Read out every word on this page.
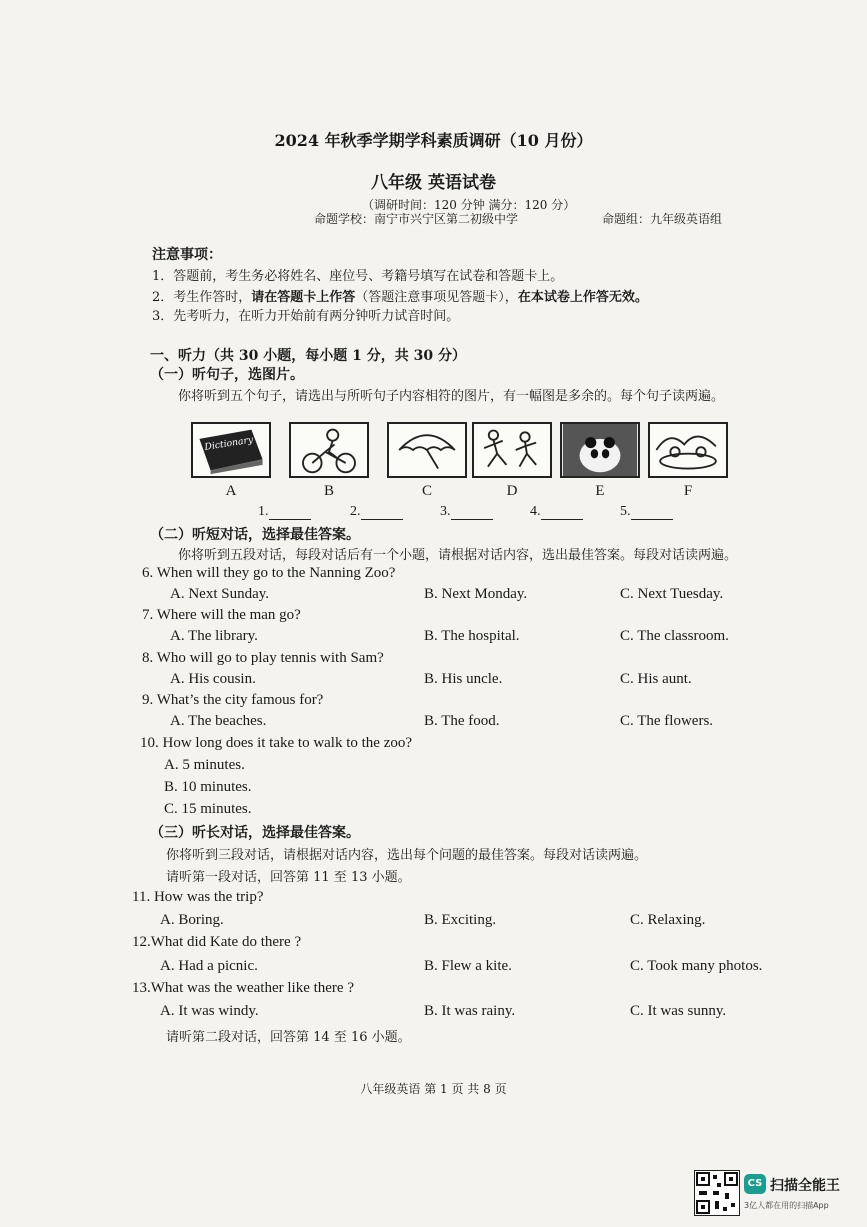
2024 年秋季学期学科素质调研（10 月份）
八年级 英语试卷
（调研时间：120 分钟 满分：120 分）
命题学校：南宁市兴宁区第二初级中学	命题组：九年级英语组
注意事项：
1．答题前，考生务必将姓名、座位号、考籍号填写在试卷和答题卡上。
2．考生作答时，请在答题卡上作答（答题注意事项见答题卡），在本试卷上作答无效。
3．先考听力，在听力开始前有两分钟听力试音时间。
一、听力（共 30 小题，每小题 1 分，共 30 分）
（一）听句子，选图片。
你将听到五个句子，请选出与所听句子内容相符的图片，有一幅图是多余的。每个句子读两遍。
Dictionary
A	B	C	D	E	F
1.	2.	3.	4.	5.
（二）听短对话，选择最佳答案。
你将听到五段对话，每段对话后有一个小题，请根据对话内容，选出最佳答案。每段对话读两遍。
6. When will they go to the Nanning Zoo?
A. Next Sunday.	B. Next Monday.	C. Next Tuesday.
7. Where will the man go?
A. The library.	B. The hospital.	C. The classroom.
8. Who will go to play tennis with Sam?
A. His cousin.	B. His uncle.	C. His aunt.
9. What’s the city famous for?
A. The beaches.	B. The food.	C. The flowers.
10. How long does it take to walk to the zoo?
A. 5 minutes.
B. 10 minutes.
C. 15 minutes.
（三）听长对话，选择最佳答案。
你将听到三段对话，请根据对话内容，选出每个问题的最佳答案。每段对话读两遍。
请听第一段对话，回答第 11 至 13 小题。
11. How was the trip?
A. Boring.	B. Exciting.	C. Relaxing.
12.What did Kate do there ?
A. Had a picnic.	B. Flew a kite.	C. Took many photos.
13.What was the weather like there ?
A. It was windy.	B. It was rainy.	C. It was sunny.
请听第二段对话，回答第 14 至 16 小题。
八年级英语 第 1 页 共 8 页
CS 扫描全能王
3亿人都在用的扫描App
